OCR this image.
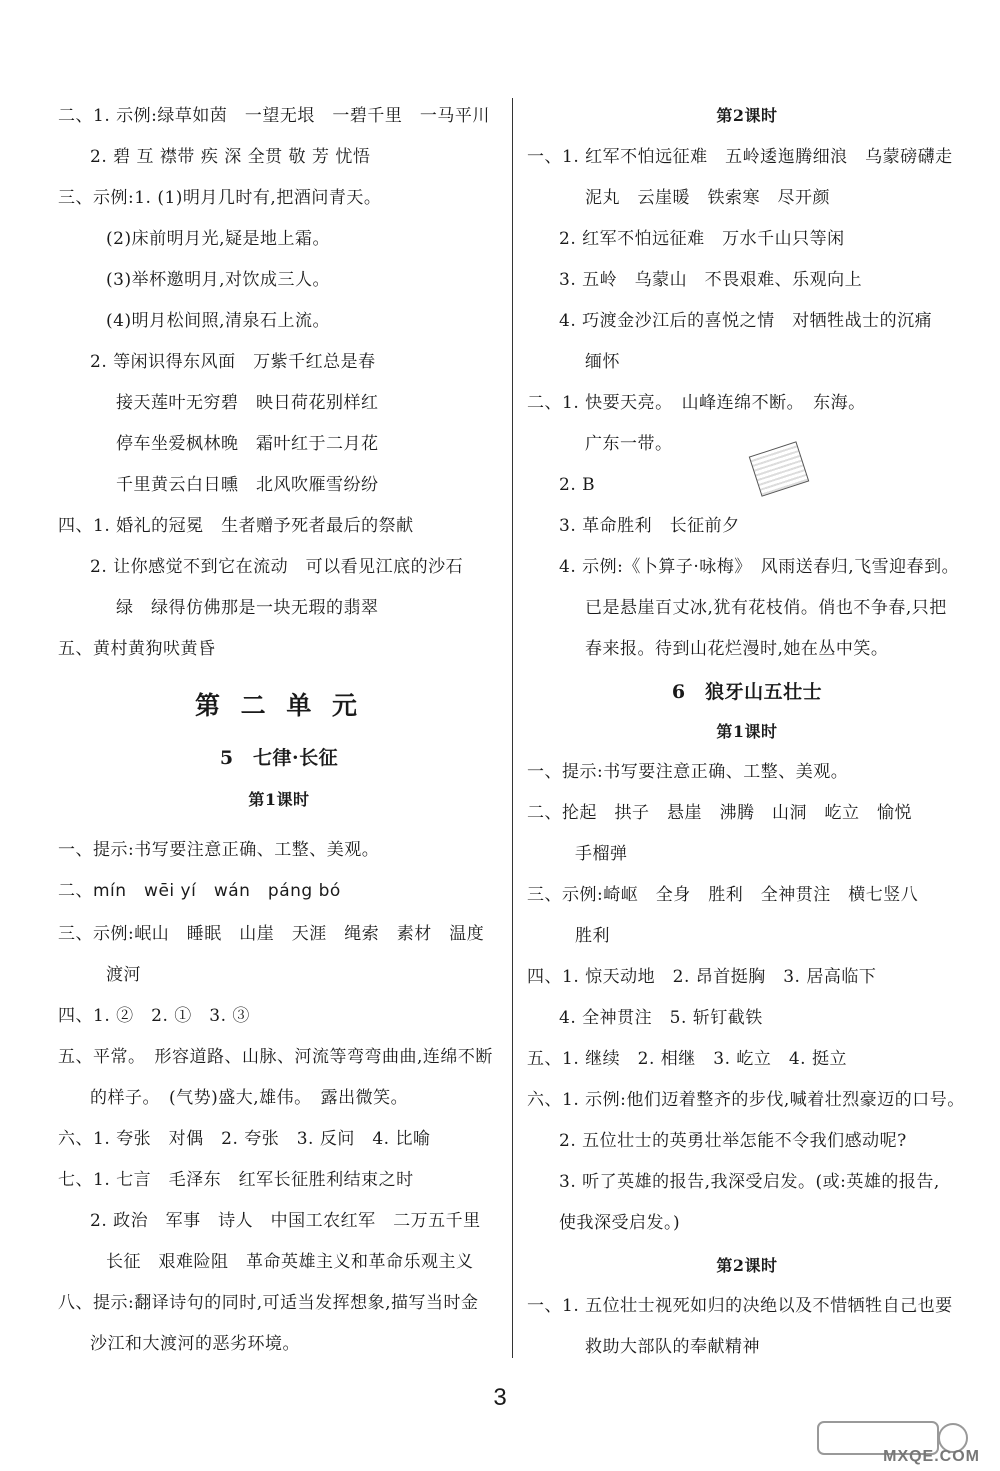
二、1. 示例:绿草如茵　一望无垠　一碧千里　一马平川
2. 碧 互 襟带 疾 深 全贯 敬 芳 忧悟
三、示例:1. (1)明月几时有,把酒问青天。
(2)床前明月光,疑是地上霜。
(3)举杯邀明月,对饮成三人。
(4)明月松间照,清泉石上流。
2. 等闲识得东风面　万紫千红总是春
接天莲叶无穷碧　映日荷花别样红
停车坐爱枫林晚　霜叶红于二月花
千里黄云白日曛　北风吹雁雪纷纷
四、1. 婚礼的冠冕　生者赠予死者最后的祭献
2. 让你感觉不到它在流动　可以看见江底的沙石
绿　绿得仿佛那是一块无瑕的翡翠
五、黄村黄狗吠黄昏
第 二 单 元
5　七律·长征
第1课时
一、提示:书写要注意正确、工整、美观。
二、mín　wēi yí　wán　páng bó
三、示例:岷山　睡眠　山崖　天涯　绳索　素材　温度
渡河
四、1. ②　2. ①　3. ③
五、平常。　形容道路、山脉、河流等弯弯曲曲,连绵不断
的样子。　(气势)盛大,雄伟。　露出微笑。
六、1. 夸张　对偶　2. 夸张　3. 反问　4. 比喻
七、1. 七言　毛泽东　红军长征胜利结束之时
2. 政治　军事　诗人　中国工农红军　二万五千里
长征　艰难险阻　革命英雄主义和革命乐观主义
八、提示:翻译诗句的同时,可适当发挥想象,描写当时金
沙江和大渡河的恶劣环境。
第2课时
一、1. 红军不怕远征难　五岭逶迤腾细浪　乌蒙磅礴走
泥丸　云崖暖　铁索寒　尽开颜
2. 红军不怕远征难　万水千山只等闲
3. 五岭　乌蒙山　不畏艰难、乐观向上
4. 巧渡金沙江后的喜悦之情　对牺牲战士的沉痛
缅怀
二、1. 快要天亮。　山峰连绵不断。　东海。
广东一带。
2. B
3. 革命胜利　长征前夕
4. 示例:《卜算子·咏梅》　风雨送春归,飞雪迎春到。
已是悬崖百丈冰,犹有花枝俏。俏也不争春,只把
春来报。待到山花烂漫时,她在丛中笑。
6　狼牙山五壮士
第1课时
一、提示:书写要注意正确、工整、美观。
二、抡起　拱子　悬崖　沸腾　山洞　屹立　愉悦
手榴弹
三、示例:崎岖　全身　胜利　全神贯注　横七竖八
胜利
四、1. 惊天动地　2. 昂首挺胸　3. 居高临下
4. 全神贯注　5. 斩钉截铁
五、1. 继续　2. 相继　3. 屹立　4. 挺立
六、1. 示例:他们迈着整齐的步伐,喊着壮烈豪迈的口号。
2. 五位壮士的英勇壮举怎能不令我们感动呢?
3. 听了英雄的报告,我深受启发。(或:英雄的报告,
使我深受启发。)
第2课时
一、1. 五位壮士视死如归的决绝以及不惜牺牲自己也要
救助大部队的奉献精神
3
MXQE.COM
